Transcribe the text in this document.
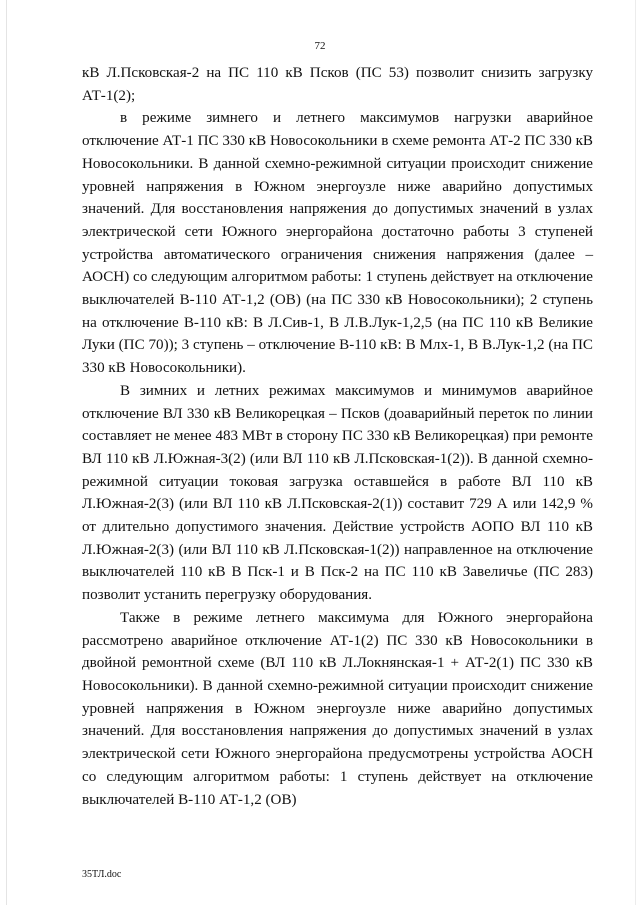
72

кВ Л.Псковская-2 на ПС 110 кВ Псков (ПС 53) позволит снизить загрузку АТ-1(2);

в режиме зимнего и летнего максимумов нагрузки аварийное отключение АТ-1 ПС 330 кВ Новосокольники в схеме ремонта АТ-2 ПС 330 кВ Новосокольники. В данной схемно-режимной ситуации происходит снижение уровней напряжения в Южном энергоузле ниже аварийно допустимых значений. Для восстановления напряжения до допустимых значений в узлах электрической сети Южного энергорайона достаточно работы 3 ступеней устройства автоматического ограничения снижения напряжения (далее – АОСН) со следующим алгоритмом работы: 1 ступень действует на отключение выключателей В-110 АТ-1,2 (ОВ) (на ПС 330 кВ Новосокольники); 2 ступень на отключение В-110 кВ: В Л.Сив-1, В Л.В.Лук-1,2,5 (на ПС 110 кВ Великие Луки (ПС 70)); 3 ступень – отключение В-110 кВ: В Млх-1, В В.Лук-1,2 (на ПС 330 кВ Новосокольники).

В зимних и летних режимах максимумов и минимумов аварийное отключение ВЛ 330 кВ Великорецкая – Псков (доаварийный переток по линии составляет не менее 483 МВт в сторону ПС 330 кВ Великорецкая) при ремонте ВЛ 110 кВ Л.Южная-3(2) (или ВЛ 110 кВ Л.Псковская-1(2)). В данной схемно-режимной ситуации токовая загрузка оставшейся в работе ВЛ 110 кВ Л.Южная-2(3) (или ВЛ 110 кВ Л.Псковская-2(1)) составит 729 А или 142,9 % от длительно допустимого значения. Действие устройств АОПО ВЛ 110 кВ Л.Южная-2(3) (или ВЛ 110 кВ Л.Псковская-1(2)) направленное на отключение выключателей 110 кВ В Пск-1 и В Пск-2 на ПС 110 кВ Завеличье (ПС 283) позволит устанить перегрузку оборудования.

Также в режиме летнего максимума для Южного энергорайона рассмотрено аварийное отключение АТ-1(2) ПС 330 кВ Новосокольники в двойной ремонтной схеме (ВЛ 110 кВ Л.Локнянская-1 + АТ-2(1) ПС 330 кВ Новосокольники). В данной схемно-режимной ситуации происходит снижение уровней напряжения в Южном энергоузле ниже аварийно допустимых значений. Для восстановления напряжения до допустимых значений в узлах электрической сети Южного энергорайона предусмотрены устройства АОСН со следующим алгоритмом работы: 1 ступень действует на отключение выключателей В-110 АТ-1,2 (ОВ)

35ТЛ.doc
